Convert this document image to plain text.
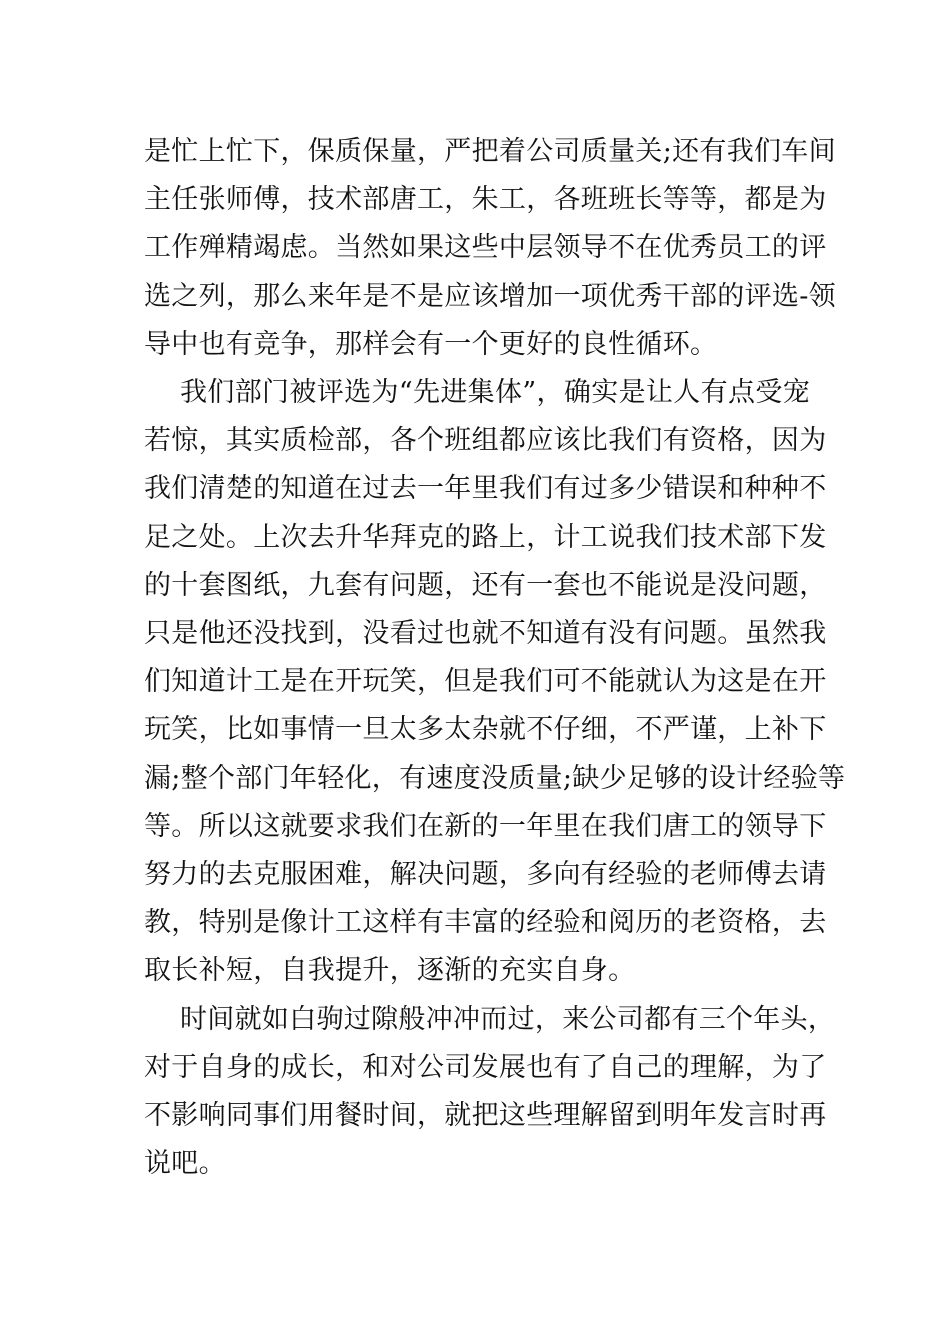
是忙上忙下，保质保量，严把着公司质量关;还有我们车间
主任张师傅，技术部唐工，朱工，各班班长等等，都是为
工作殚精竭虑。当然如果这些中层领导不在优秀员工的评
选之列，那么来年是不是应该增加一项优秀干部的评选-领
导中也有竞争，那样会有一个更好的良性循环。
我们部门被评选为“先进集体”，确实是让人有点受宠
若惊，其实质检部，各个班组都应该比我们有资格，因为
我们清楚的知道在过去一年里我们有过多少错误和种种不
足之处。上次去升华拜克的路上，计工说我们技术部下发
的十套图纸，九套有问题，还有一套也不能说是没问题，
只是他还没找到，没看过也就不知道有没有问题。虽然我
们知道计工是在开玩笑，但是我们可不能就认为这是在开
玩笑，比如事情一旦太多太杂就不仔细，不严谨，上补下
漏;整个部门年轻化，有速度没质量;缺少足够的设计经验等
等。所以这就要求我们在新的一年里在我们唐工的领导下
努力的去克服困难，解决问题，多向有经验的老师傅去请
教，特别是像计工这样有丰富的经验和阅历的老资格，去
取长补短，自我提升，逐渐的充实自身。
时间就如白驹过隙般冲冲而过，来公司都有三个年头，
对于自身的成长，和对公司发展也有了自己的理解，为了
不影响同事们用餐时间，就把这些理解留到明年发言时再
说吧。
